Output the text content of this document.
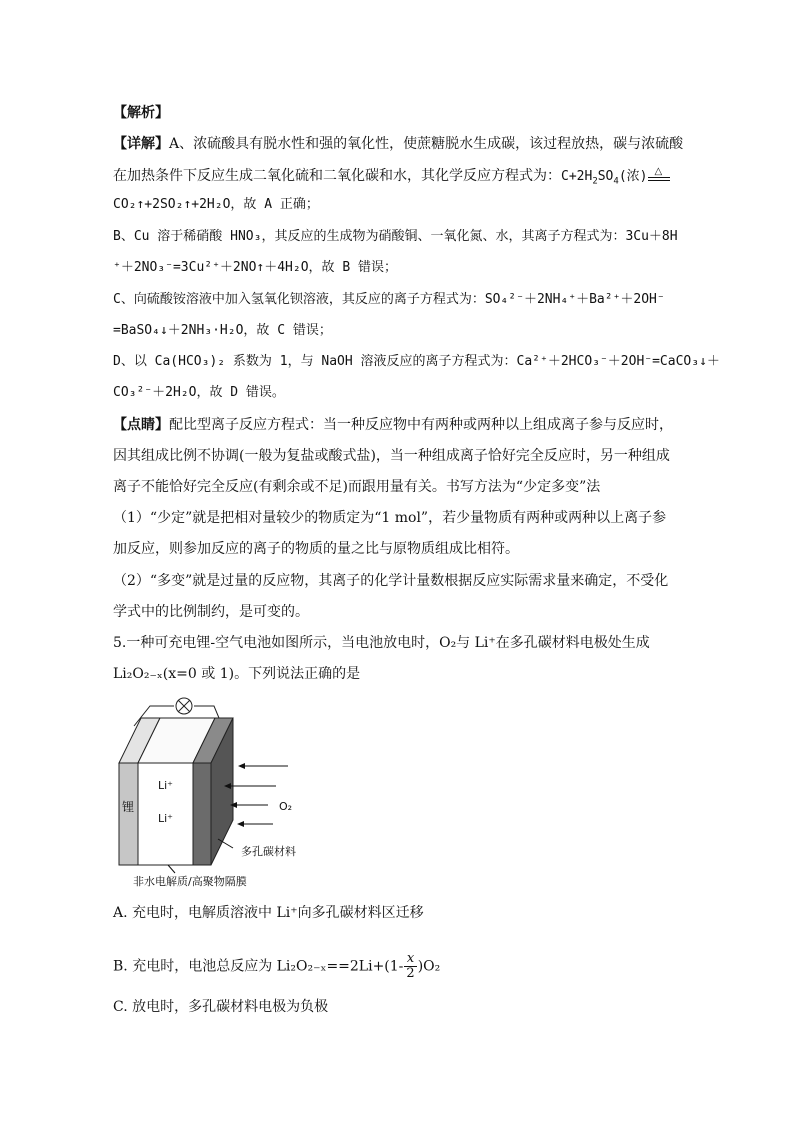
【解析】
【详解】A、浓硫酸具有脱水性和强的氧化性，使蔗糖脱水生成碳，该过程放热，碳与浓硫酸
在加热条件下反应生成二氧化硫和二氧化碳和水，其化学反应方程式为：$C+2H_2SO_4$(浓) △
CO₂↑+2SO₂↑+2H₂O，故 A 正确；
B、Cu 溶于稀硝酸 HNO₃，其反应的生成物为硝酸铜、一氧化氮、水，其离子方程式为：3Cu＋8H
⁺＋2NO₃⁻=3Cu²⁺＋2NO↑＋4H₂O，故 B 错误；
C、向硫酸铵溶液中加入氢氧化钡溶液，其反应的离子方程式为：SO₄²⁻＋2NH₄⁺＋Ba²⁺＋2OH⁻
=BaSO₄↓＋2NH₃·H₂O，故 C 错误；
D、以 Ca(HCO₃)₂ 系数为 1，与 NaOH 溶液反应的离子方程式为：Ca²⁺＋2HCO₃⁻＋2OH⁻=CaCO₃↓＋
CO₃²⁻＋2H₂O，故 D 错误。
【点睛】配比型离子反应方程式：当一种反应物中有两种或两种以上组成离子参与反应时，
因其组成比例不协调(一般为复盐或酸式盐)，当一种组成离子恰好完全反应时，另一种组成
离子不能恰好完全反应(有剩余或不足)而跟用量有关。书写方法为“少定多变”法
（1）“少定”就是把相对量较少的物质定为“1 mol”，若少量物质有两种或两种以上离子参
加反应，则参加反应的离子的物质的量之比与原物质组成比相符。
（2）“多变”就是过量的反应物，其离子的化学计量数根据反应实际需求量来确定，不受化
学式中的比例制约，是可变的。
5.一种可充电锂-空气电池如图所示，当电池放电时，O₂与 Li⁺在多孔碳材料电极处生成
Li₂O₂₋ₓ(x=0 或 1)。下列说法正确的是
锂
Li⁺
Li⁺
O₂
多孔碳材料
非水电解质/高聚物隔膜
A. 充电时，电解质溶液中 Li⁺向多孔碳材料区迁移
B. 充电时，电池总反应为 $Li_2O_{2-x}==2Li+(1- \frac{x}{2} )O_2$
C. 放电时，多孔碳材料电极为负极
